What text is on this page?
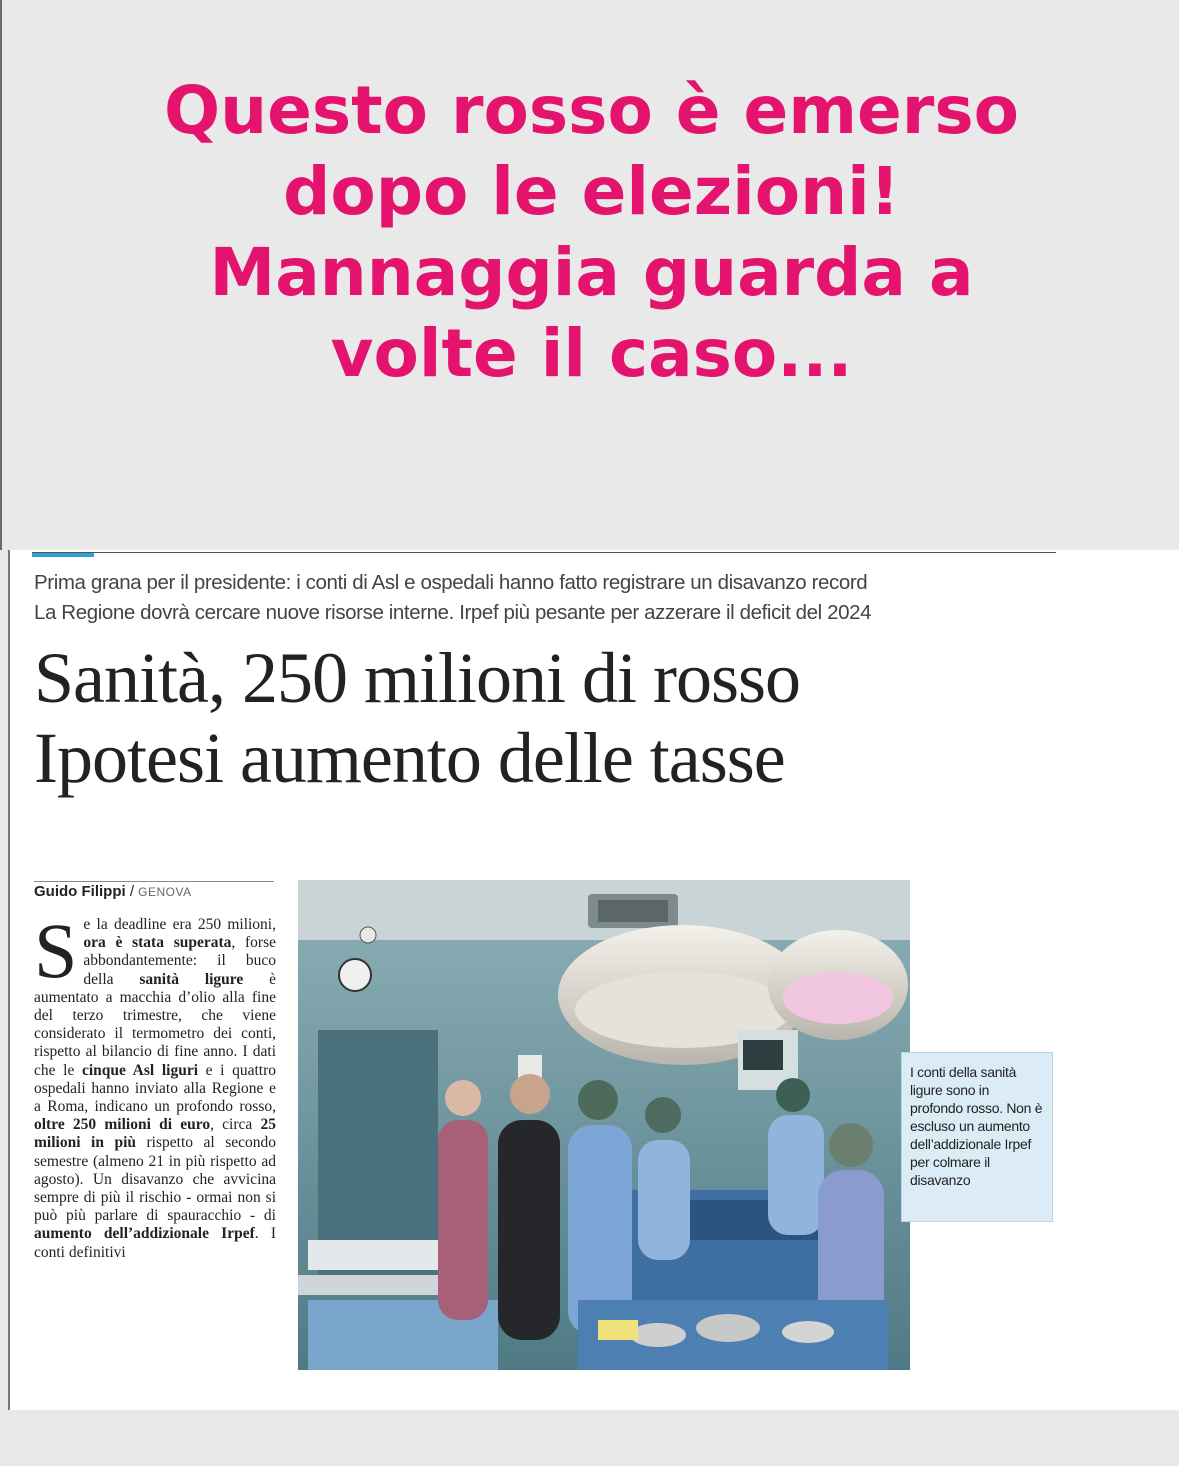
Questo rosso è emerso
dopo le elezioni!
Mannaggia guarda a
volte il caso...

Prima grana per il presidente: i conti di Asl e ospedali hanno fatto registrare un disavanzo record
La Regione dovrà cercare nuove risorse interne. Irpef più pesante per azzerare il deficit del 2024

Sanità, 250 milioni di rosso
Ipotesi aumento delle tasse

Guido Filippi / GENOVA

Se la deadline era 250 milioni, ora è stata superata, forse abbondantemente: il buco della sanità ligure è aumentato a macchia d’olio alla fine del terzo trimestre, che viene considerato il termometro dei conti, rispetto al bilancio di fine anno. I dati che le cinque Asl liguri e i quattro ospedali hanno inviato alla Regione e a Roma, indicano un profondo rosso, oltre 250 milioni di euro, circa 25 milioni in più rispetto al secondo semestre (almeno 21 in più rispetto ad agosto). Un disavanzo che avvicina sempre di più il rischio - ormai non si può più parlare di spauracchio - di aumento dell’addizionale Irpef. I conti definitivi

I conti della sanità ligure sono in profondo rosso. Non è escluso un aumento dell’addizionale Irpef per colmare il disavanzo
